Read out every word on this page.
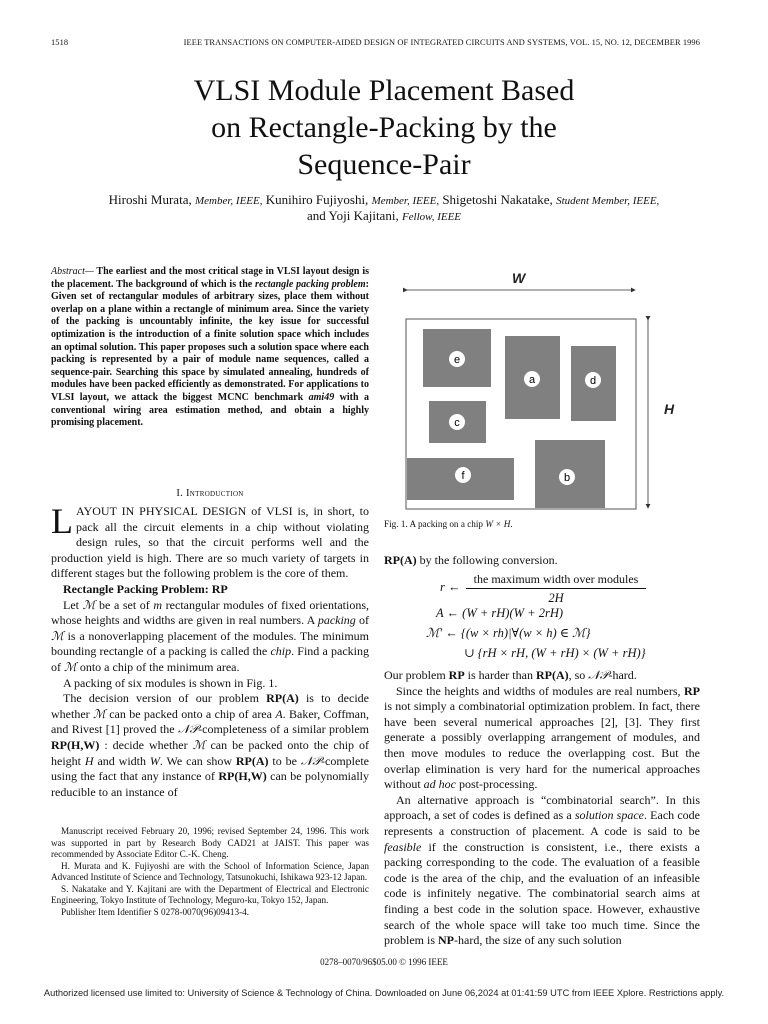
1518	IEEE TRANSACTIONS ON COMPUTER-AIDED DESIGN OF INTEGRATED CIRCUITS AND SYSTEMS, VOL. 15, NO. 12, DECEMBER 1996
VLSI Module Placement Based
on Rectangle-Packing by the
Sequence-Pair
Hiroshi Murata, Member, IEEE, Kunihiro Fujiyoshi, Member, IEEE, Shigetoshi Nakatake, Student Member, IEEE,
and Yoji Kajitani, Fellow, IEEE
Abstract— The earliest and the most critical stage in VLSI layout design is the placement. The background of which is the rectangle packing problem: Given set of rectangular modules of arbitrary sizes, place them without overlap on a plane within a rectangle of minimum area. Since the variety of the packing is uncountably infinite, the key issue for successful optimization is the introduction of a finite solution space which includes an optimal solution. This paper proposes such a solution space where each packing is represented by a pair of module name sequences, called a sequence-pair. Searching this space by simulated annealing, hundreds of modules have been packed efficiently as demonstrated. For applications to VLSI layout, we attack the biggest MCNC benchmark ami49 with a conventional wiring area estimation method, and obtain a highly promising placement.
I. Introduction

LAYOUT IN PHYSICAL DESIGN of VLSI is, in short, to pack all the circuit elements in a chip without violating design rules, so that the circuit performs well and the production yield is high. There are so much variety of targets in different stages but the following problem is the core of them.

Rectangle Packing Problem: RP

Let ℳ be a set of m rectangular modules of fixed orientations, whose heights and widths are given in real numbers. A packing of ℳ is a nonoverlapping placement of the modules. The minimum bounding rectangle of a packing is called the chip. Find a packing of ℳ onto a chip of the minimum area.

A packing of six modules is shown in Fig. 1.

The decision version of our problem RP(A) is to decide whether ℳ can be packed onto a chip of area A. Baker, Coffman, and Rivest [1] proved the 𝒩𝒫-completeness of a similar problem RP(H,W) : decide whether ℳ can be packed onto the chip of height H and width W. We can show RP(A) to be 𝒩𝒫-complete using the fact that any instance of RP(H,W) can be polynomially reducible to an instance of

Manuscript received February 20, 1996; revised September 24, 1996. This work was supported in part by Research Body CAD21 at JAIST. This paper was recommended by Associate Editor C.-K. Cheng.

H. Murata and K. Fujiyoshi are with the School of Information Science, Japan Advanced Institute of Science and Technology, Tatsunokuchi, Ishikawa 923-12 Japan.

S. Nakatake and Y. Kajitani are with the Department of Electrical and Electronic Engineering, Tokyo Institute of Technology, Meguro-ku, Tokyo 152, Japan.

Publisher Item Identifier S 0278-0070(96)09413-4.

W
H
e
a	d
c
f	b
Fig. 1. A packing on a chip W × H.
RP(A) by the following conversion.
r ←
the maximum width over modules
2H
A ← (W + rH)(W + 2rH)
ℳ′ ← {(w × rh)|∀(w × h) ∈ ℳ}
∪ {rH × rH, (W + rH) × (W + rH)}

Our problem RP is harder than RP(A), so 𝒩𝒫-hard.

Since the heights and widths of modules are real numbers, RP is not simply a combinatorial optimization problem. In fact, there have been several numerical approaches [2], [3]. They first generate a possibly overlapping arrangement of modules, and then move modules to reduce the overlapping cost. But the overlap elimination is very hard for the numerical approaches without ad hoc post-processing.

An alternative approach is “combinatorial search”. In this approach, a set of codes is defined as a solution space. Each code represents a construction of placement. A code is said to be feasible if the construction is consistent, i.e., there exists a packing corresponding to the code. The evaluation of a feasible code is the area of the chip, and the evaluation of an infeasible code is infinitely negative. The combinatorial search aims at finding a best code in the solution space. However, exhaustive search of the whole space will take too much time. Since the problem is NP-hard, the size of any such solution

0278–0070/96$05.00 © 1996 IEEE
Authorized licensed use limited to: University of Science & Technology of China. Downloaded on June 06,2024 at 01:41:59 UTC from IEEE Xplore. Restrictions apply.
